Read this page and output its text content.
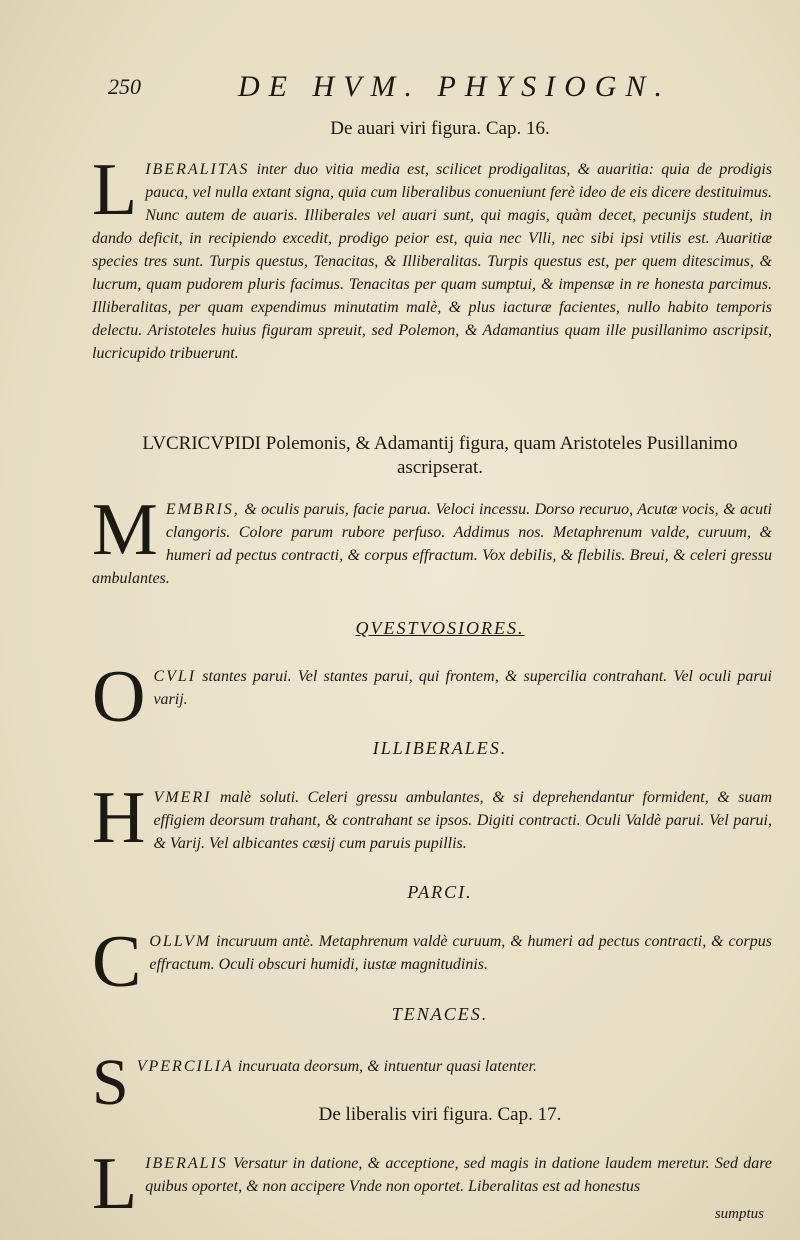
250	DE HVM. PHYSIOGN.
De auari viri figura. Cap. 16.
L IBERALITAS inter duo vitia media est, scilicet prodigalitas, & auaritia: quia de prodigis pauca, vel nulla extant signa, quia cum liberalibus conueniunt ferè ideo de eis dicere destituimus. Nunc autem de auaris. Illiberales vel auari sunt, qui magis, quàm decet, pecunijs student, in dando deficit, in recipiendo excedit, prodigo peior est, quia nec Vlli, nec sibi ipsi vtilis est. Auaritiæ species tres sunt. Turpis questus, Tenacitas, & Illiberalitas. Turpis questus est, per quem ditescimus, & lucrum, quam pudorem pluris facimus. Tenacitas per quam sumptui, & impensæ in re honesta parcimus. Illiberalitas, per quam expendimus minutatim malè, & plus iacturæ facientes, nullo habito temporis delectu. Aristoteles huius figuram spreuit, sed Polemon, & Adamantius quam ille pusillanimo ascripsit, lucricupido tribuerunt.
LVCRICVPIDI Polemonis, & Adamantij figura, quam Aristoteles Pusillanimo ascripserat.
M EMBRIS, & oculis paruis, facie parua. Veloci incessu. Dorso recuruo, Acutæ vocis, & acuti clangoris. Colore parum rubore perfuso. Addimus nos. Metaphrenum valde, curuum, & humeri ad pectus contracti, & corpus effractum. Vox debilis, & flebilis. Breui, & celeri gressu ambulantes.
QVESTVOSIORES.
O CVLI stantes parui. Vel stantes parui, qui frontem, & supercilia contrahant. Vel oculi parui varij.
ILLIBERALES.
H VMERI malè soluti. Celeri gressu ambulantes, & si deprehendantur formident, & suam effigiem deorsum trahant, & contrahant se ipsos. Digiti contracti. Oculi Valdè parui. Vel parui, & Varij. Vel albicantes cæsij cum paruis pupillis.
PARCI.
C OLLVM incuruum antè. Metaphrenum valdè curuum, & humeri ad pectus contracti, & corpus effractum. Oculi obscuri humidi, iustæ magnitudinis.
TENACES.
S VPERCILIA incuruata deorsum, & intuentur quasi latenter.
De liberalis viri figura. Cap. 17.
L IBERALIS Versatur in datione, & acceptione, sed magis in datione laudem meretur. Sed dare quibus oportet, & non accipere Vnde non oportet. Liberalitas est ad honestus
sumptus
